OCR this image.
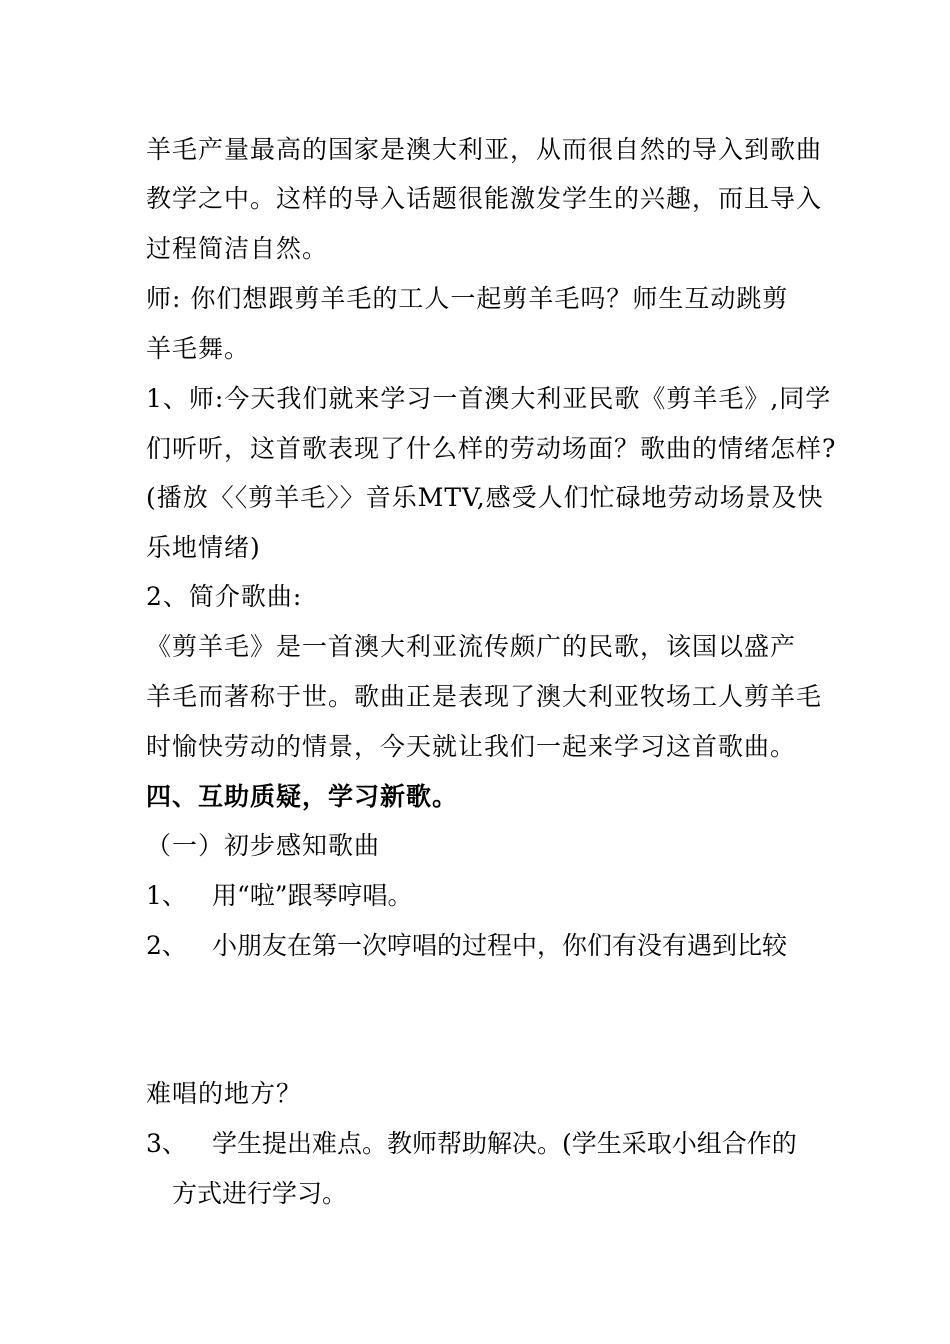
羊毛产量最高的国家是澳大利亚，从而很自然的导入到歌曲

教学之中。这样的导入话题很能激发学生的兴趣，而且导入

过程简洁自然。

师: 你们想跟剪羊毛的工人一起剪羊毛吗？师生互动跳剪

羊毛舞。

1、师:今天我们就来学习一首澳大利亚民歌《剪羊毛》,同学

们听听，这首歌表现了什么样的劳动场面？歌曲的情绪怎样?

(播放〈〈剪羊毛〉〉音乐MTV,感受人们忙碌地劳动场景及快

乐地情绪)

2、简介歌曲:

《剪羊毛》是一首澳大利亚流传颇广的民歌，该国以盛产

羊毛而著称于世。歌曲正是表现了澳大利亚牧场工人剪羊毛

时愉快劳动的情景，今天就让我们一起来学习这首歌曲。

四、互助质疑，学习新歌。

（一）初步感知歌曲

1、 用“啦”跟琴哼唱。

2、 小朋友在第一次哼唱的过程中，你们有没有遇到比较

难唱的地方？

3、 学生提出难点。教师帮助解决。(学生采取小组合作的

方式进行学习。
